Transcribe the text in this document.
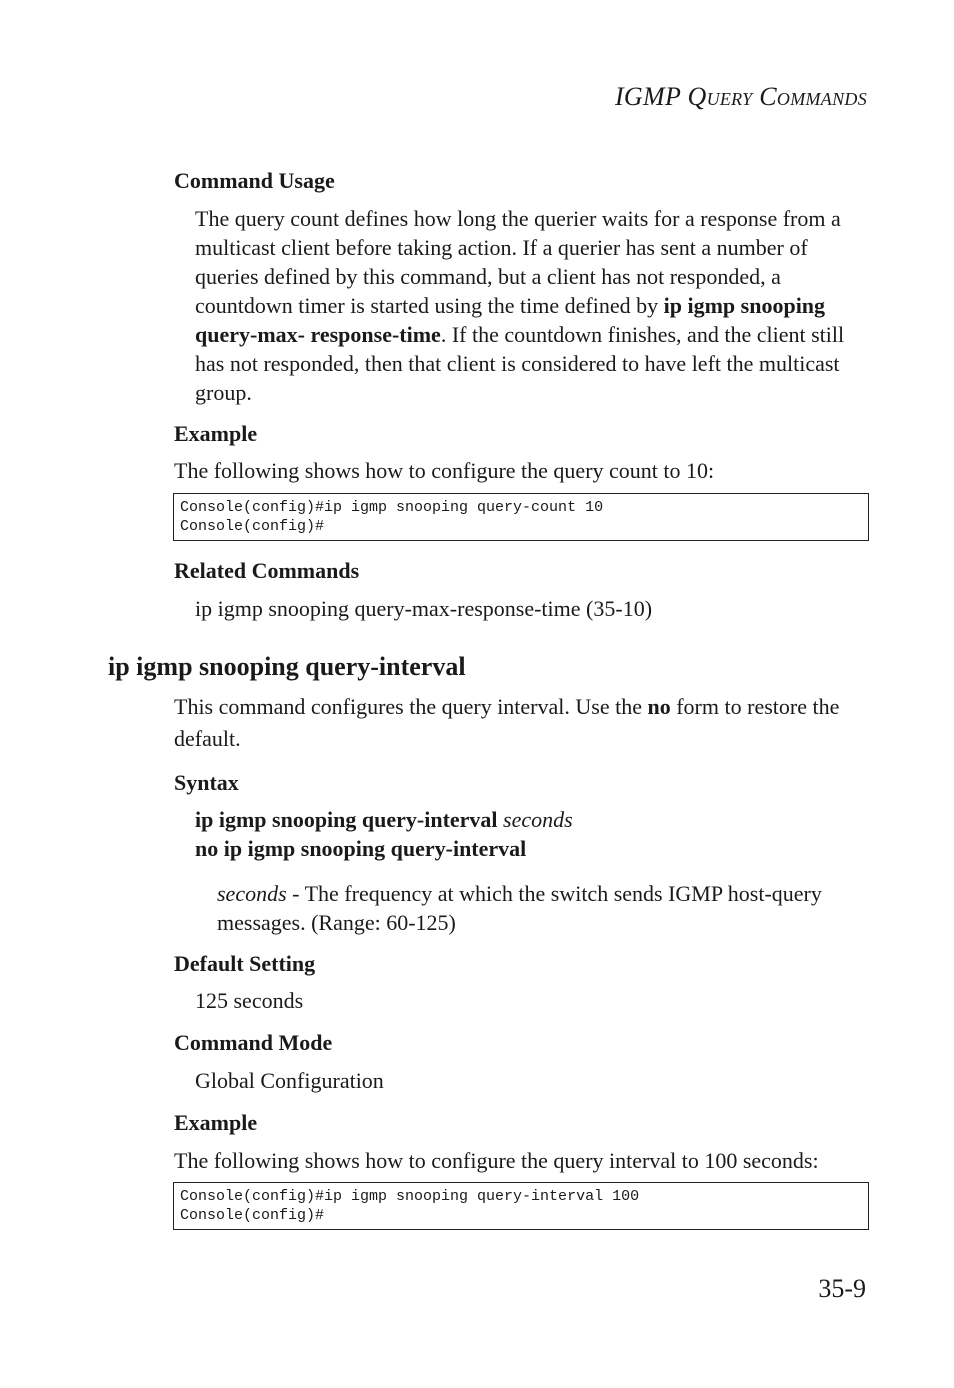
IGMP QUERY COMMANDS
Command Usage
The query count defines how long the querier waits for a response from a multicast client before taking action. If a querier has sent a number of queries defined by this command, but a client has not responded, a countdown timer is started using the time defined by ip igmp snooping query-max- response-time. If the countdown finishes, and the client still has not responded, then that client is considered to have left the multicast group.
Example
The following shows how to configure the query count to 10:
Console(config)#ip igmp snooping query-count 10
Console(config)#
Related Commands
ip igmp snooping query-max-response-time (35-10)
ip igmp snooping query-interval
This command configures the query interval. Use the no form to restore the default.
Syntax
ip igmp snooping query-interval seconds
no ip igmp snooping query-interval
seconds - The frequency at which the switch sends IGMP host-query messages. (Range: 60-125)
Default Setting
125 seconds
Command Mode
Global Configuration
Example
The following shows how to configure the query interval to 100 seconds:
Console(config)#ip igmp snooping query-interval 100
Console(config)#
35-9
